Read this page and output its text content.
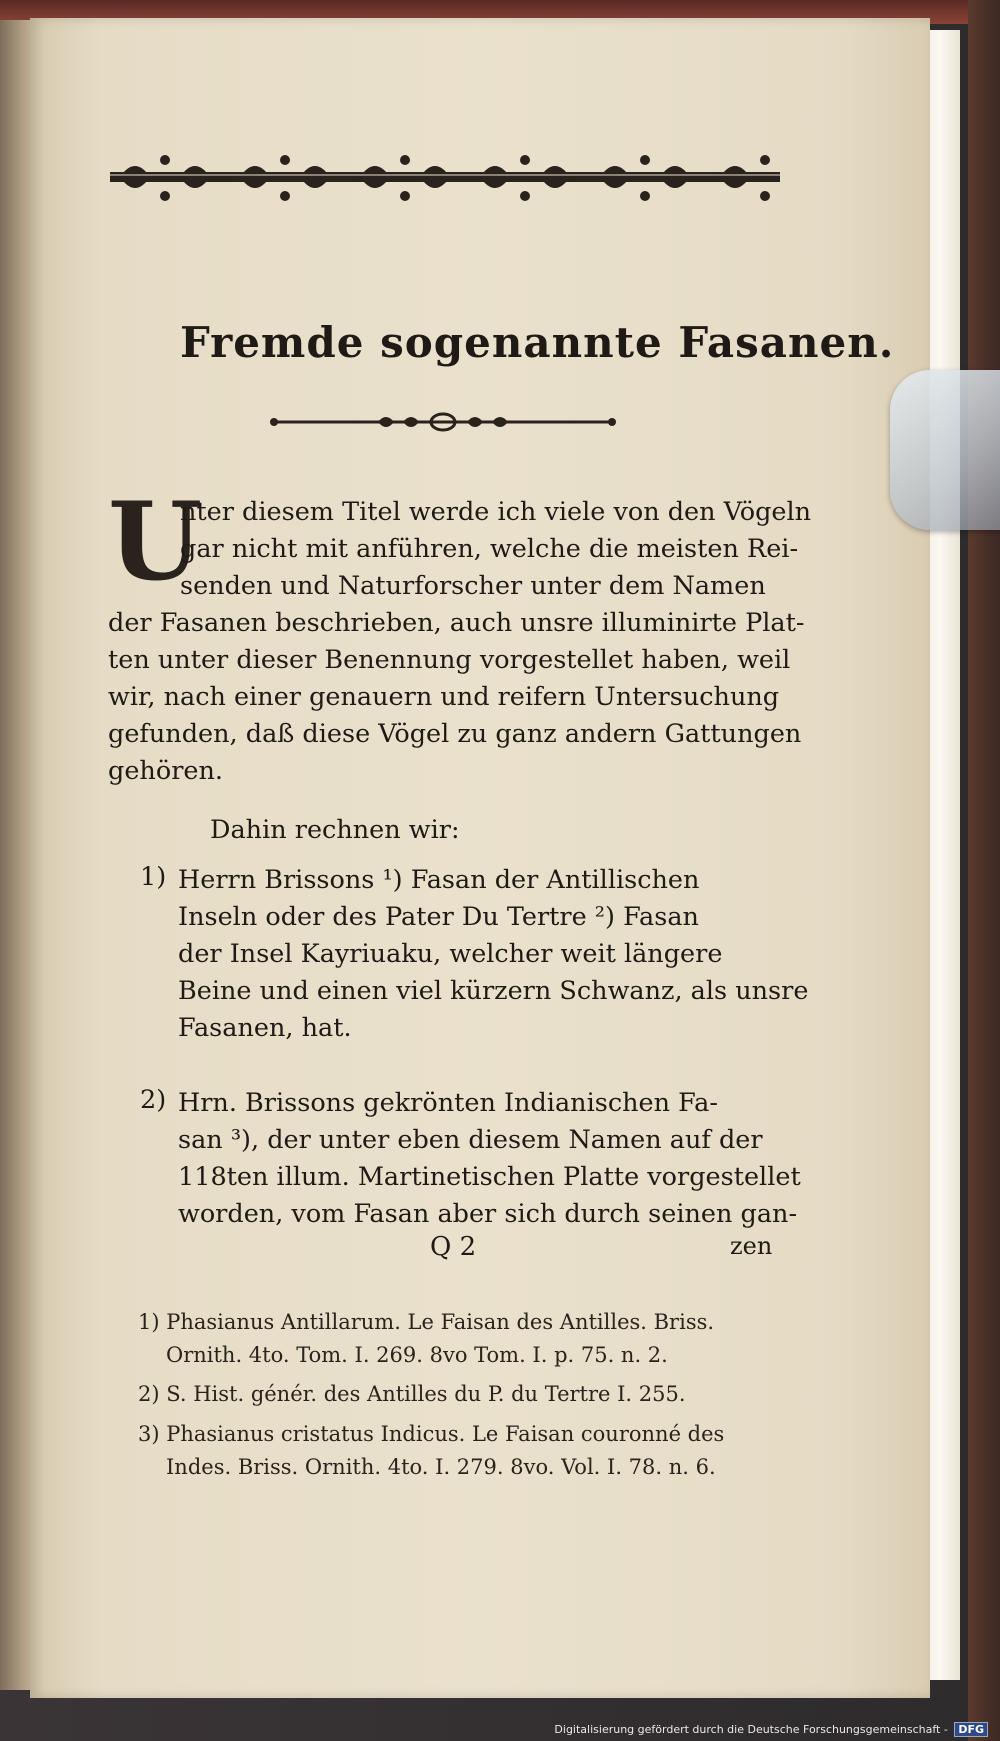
Fremde sogenannte Fasanen.
U
nter diesem Titel werde ich viele von den Vögeln
gar nicht mit anführen, welche die meisten Rei-
senden und Naturforscher unter dem Namen
der Fasanen beschrieben, auch unsre illuminirte Plat-
ten unter dieser Benennung vorgestellet haben, weil
wir, nach einer genauern und reifern Untersuchung
gefunden, daß diese Vögel zu ganz andern Gattungen
gehören.
Dahin rechnen wir:
1) Herrn Brissons ¹) Fasan der Antillischen
Inseln oder des Pater Du Tertre ²) Fasan
der Insel Kayriuaku, welcher weit längere
Beine und einen viel kürzern Schwanz, als unsre
Fasanen, hat.
2) Hrn. Brissons gekrönten Indianischen Fa-
san ³), der unter eben diesem Namen auf der
118ten illum. Martinetischen Platte vorgestellet
worden, vom Fasan aber sich durch seinen gan-
Q 2	zen
1) Phasianus Antillarum. Le Faisan des Antilles. Briss.
Ornith. 4to. Tom. I. 269. 8vo Tom. I. p. 75. n. 2.
2) S. Hist. génér. des Antilles du P. du Tertre I. 255.
3) Phasianus cristatus Indicus. Le Faisan couronné des
Indes. Briss. Ornith. 4to. I. 279. 8vo. Vol. I. 78. n. 6.
Digitalisierung gefördert durch die Deutsche Forschungsgemeinschaft - DFG
